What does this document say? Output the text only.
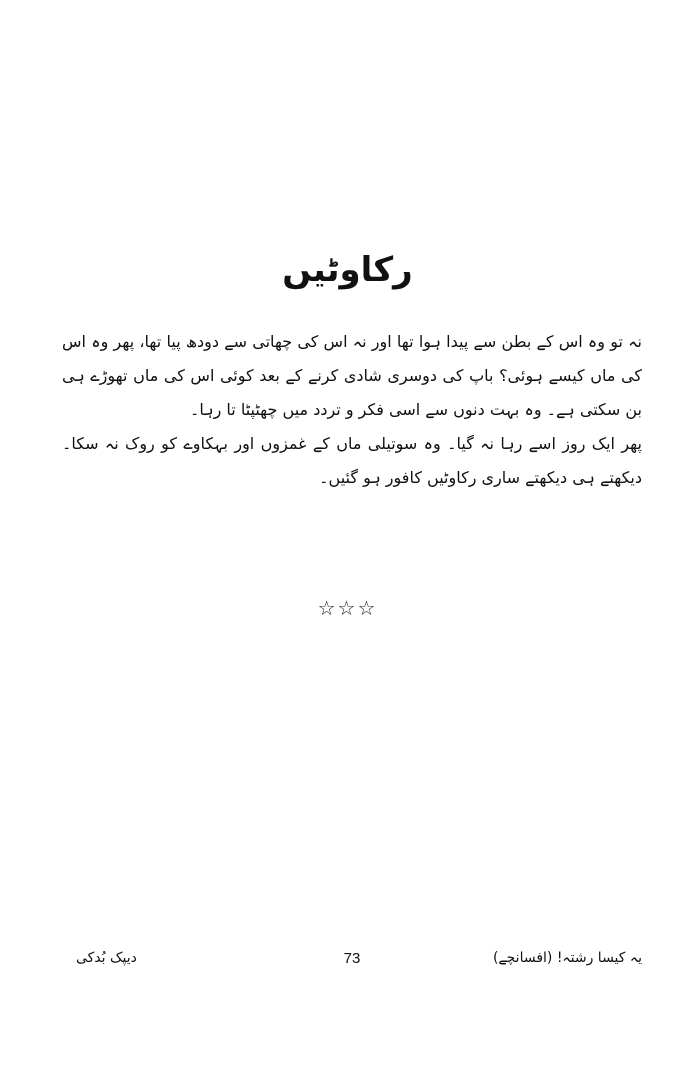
رکاوٹیں

نہ تو وہ اس کے بطن سے پیدا ہوا تھا اور نہ اس کی چھاتی سے دودھ پیا تھا، پھر وہ اس کی ماں کیسے ہوئی؟ باپ کی دوسری شادی کرنے کے بعد کوئی اس کی ماں تھوڑے ہی بن سکتی ہے۔ وہ بہت دنوں سے اسی فکر و تردد میں چھٹپٹا تا رہا۔

پھر ایک روز اسے رہا نہ گیا۔ وہ سوتیلی ماں کے غمزوں اور بہکاوے کو روک نہ سکا۔ دیکھتے ہی دیکھتے ساری رکاوٹیں کافور ہو گئیں۔

☆☆☆
یہ کیسا رشتہ! (افسانچے)
73
دیپک بُدکی
